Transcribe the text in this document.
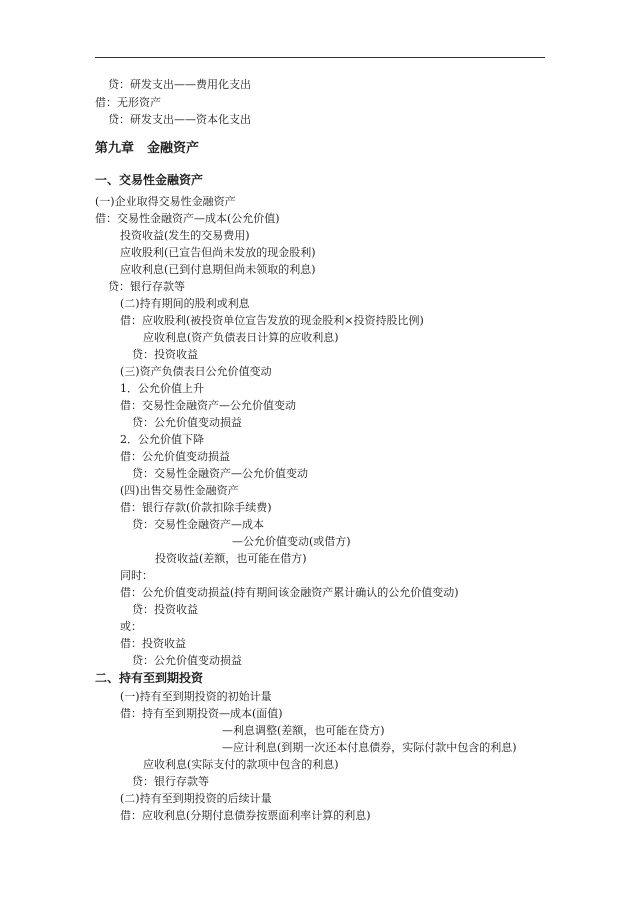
贷：研发支出——费用化支出
借：无形资产
贷：研发支出——资本化支出
第九章　金融资产
一、交易性金融资产
(一)企业取得交易性金融资产
借：交易性金融资产—成本(公允价值)
投资收益(发生的交易费用)
应收股利(已宣告但尚未发放的现金股利)
应收利息(已到付息期但尚未领取的利息)
贷：银行存款等
(二)持有期间的股利或利息
借：应收股利(被投资单位宣告发放的现金股利×投资持股比例)
应收利息(资产负债表日计算的应收利息)
贷：投资收益
(三)资产负债表日公允价值变动
1．公允价值上升
借：交易性金融资产—公允价值变动
贷：公允价值变动损益
2．公允价值下降
借：公允价值变动损益
贷：交易性金融资产—公允价值变动
(四)出售交易性金融资产
借：银行存款(价款扣除手续费)
贷：交易性金融资产—成本
—公允价值变动(或借方)
投资收益(差额，也可能在借方)
同时：
借：公允价值变动损益(持有期间该金融资产累计确认的公允价值变动)
贷：投资收益
或：
借：投资收益
贷：公允价值变动损益
二、持有至到期投资
(一)持有至到期投资的初始计量
借：持有至到期投资—成本(面值)
—利息调整(差额，也可能在贷方)
—应计利息(到期一次还本付息债券，实际付款中包含的利息)
应收利息(实际支付的款项中包含的利息)
贷：银行存款等
(二)持有至到期投资的后续计量
借：应收利息(分期付息债券按票面利率计算的利息)
